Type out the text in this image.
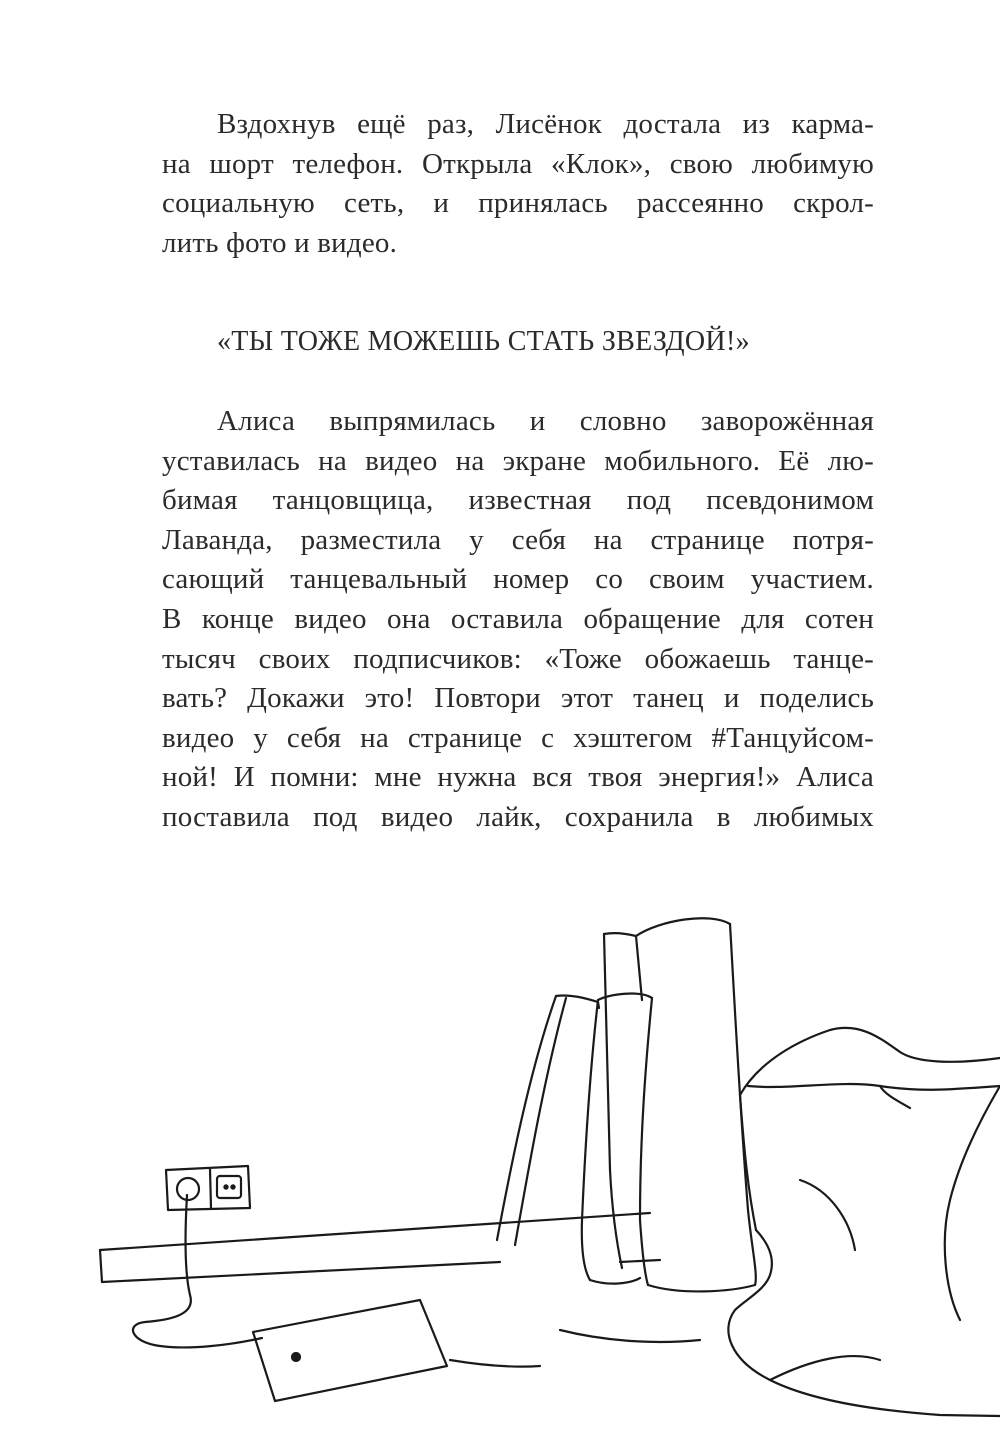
Вздохнув ещё раз, Лисёнок достала из карма-
на шорт телефон. Открыла «Клок», свою любимую
социальную сеть, и принялась рассеянно скрол-
лить фото и видео.
«ТЫ ТОЖЕ МОЖЕШЬ СТАТЬ ЗВЕЗДОЙ!»
Алиса выпрямилась и словно заворожённая
уставилась на видео на экране мобильного. Её лю-
бимая танцовщица, известная под псевдонимом
Лаванда, разместила у себя на странице потря-
сающий танцевальный номер со своим участием.
В конце видео она оставила обращение для сотен
тысяч своих подписчиков: «Тоже обожаешь танце-
вать? Докажи это! Повтори этот танец и поделись
видео у себя на странице с хэштегом #Танцуйсом-
ной! И помни: мне нужна вся твоя энергия!» Алиса
поставила под видео лайк, сохранила в любимых
